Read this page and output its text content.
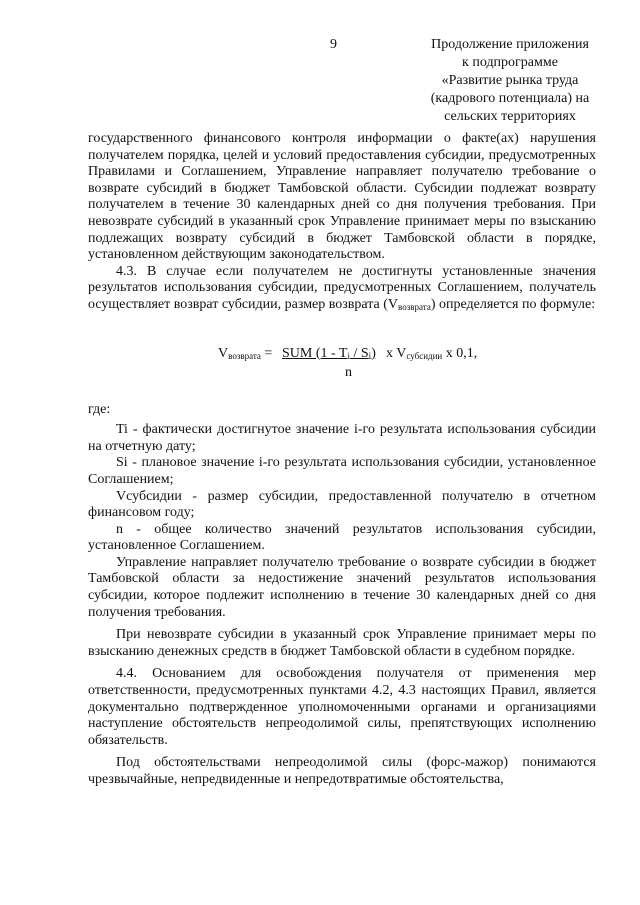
9	Продолжение приложения
к подпрограмме
«Развитие рынка труда
(кадрового потенциала) на
сельских территориях

государственного финансового контроля информации о факте(ах) нарушения получателем порядка, целей и условий предоставления субсидии, предусмотренных Правилами и Соглашением, Управление направляет получателю требование о возврате субсидий в бюджет Тамбовской области. Субсидии подлежат возврату получателем в течение 30 календарных дней со дня получения требования. При невозврате субсидий в указанный срок Управление принимает меры по взысканию подлежащих возврату субсидий в бюджет Тамбовской области в порядке, установленном действующим законодательством.

4.3. В случае если получателем не достигнуты установленные значения результатов использования субсидии, предусмотренных Соглашением, получатель осуществляет возврат субсидии, размер возврата $(V_{возврата})$ определяется по формуле:

$V_{возврата}$ = SUM $(1 - T_i / S_i)$ x $V_{субсидии}$ x 0,1,
n

где:

Ti - фактически достигнутое значение i-го результата использования субсидии на отчетную дату;

Si - плановое значение i-го результата использования субсидии, установленное Соглашением;

Vсубсидии - размер субсидии, предоставленной получателю в отчетном финансовом году;

n - общее количество значений результатов использования субсидии, установленное Соглашением.

Управление направляет получателю требование о возврате субсидии в бюджет Тамбовской области за недостижение значений результатов использования субсидии, которое подлежит исполнению в течение 30 календарных дней со дня получения требования.

При невозврате субсидии в указанный срок Управление принимает меры по взысканию денежных средств в бюджет Тамбовской области в судебном порядке.

4.4. Основанием для освобождения получателя от применения мер ответственности, предусмотренных пунктами 4.2, 4.3 настоящих Правил, является документально подтвержденное уполномоченными органами и организациями наступление обстоятельств непреодолимой силы, препятствующих исполнению обязательств.

Под обстоятельствами непреодолимой силы (форс-мажор) понимаются чрезвычайные, непредвиденные и непредотвратимые обстоятельства,
